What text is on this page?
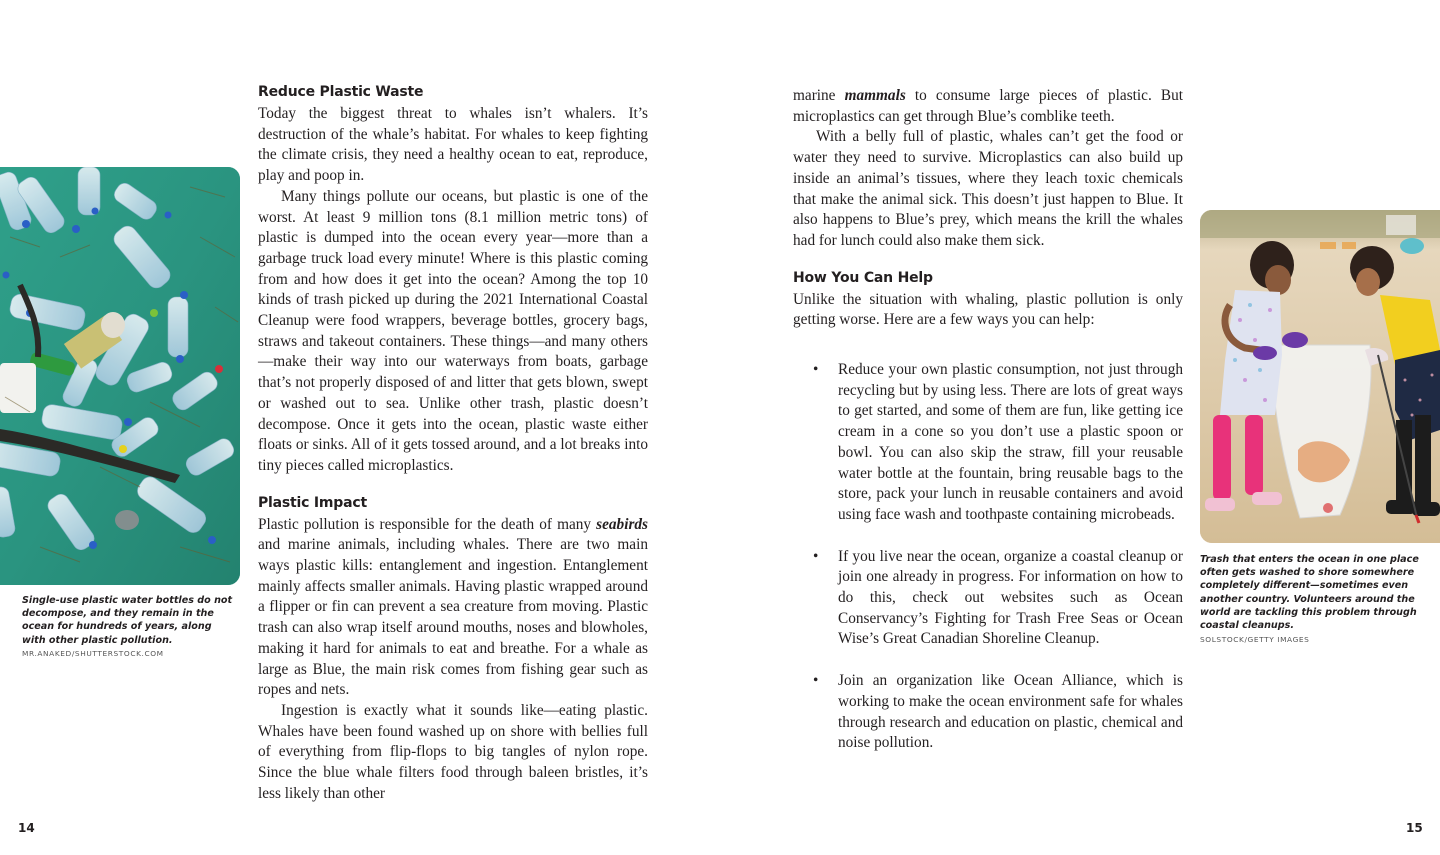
Single-use plastic water bottles do not decompose, and they remain in the ocean for hundreds of years, along with other plastic pollution. MR.ANAKED/SHUTTERSTOCK.COM
Reduce Plastic Waste

Today the biggest threat to whales isn’t whalers. It’s destruction of the whale’s habitat. For whales to keep fighting the climate crisis, they need a healthy ocean to eat, reproduce, play and poop in.

Many things pollute our oceans, but plastic is one of the worst. At least 9 million tons (8.1 million metric tons) of plastic is dumped into the ocean every year—more than a garbage truck load every minute! Where is this plastic coming from and how does it get into the ocean? Among the top 10 kinds of trash picked up during the 2021 International Coastal Cleanup were food wrappers, beverage bottles, grocery bags, straws and takeout containers. These things—and many others—make their way into our waterways from boats, garbage that’s not properly disposed of and litter that gets blown, swept or washed out to sea. Unlike other trash, plastic doesn’t decompose. Once it gets into the ocean, plastic waste either floats or sinks. All of it gets tossed around, and a lot breaks into tiny pieces called microplastics.

Plastic Impact

Plastic pollution is responsible for the death of many seabirds and marine animals, including whales. There are two main ways plastic kills: entanglement and ingestion. Entanglement mainly affects smaller animals. Having plastic wrapped around a flipper or fin can prevent a sea creature from moving. Plastic trash can also wrap itself around mouths, noses and blowholes, making it hard for animals to eat and breathe. For a whale as large as Blue, the main risk comes from fishing gear such as ropes and nets.

Ingestion is exactly what it sounds like—eating plastic. Whales have been found washed up on shore with bellies full of everything from flip-flops to big tangles of nylon rope. Since the blue whale filters food through baleen bristles, it’s less likely than other

marine mammals to consume large pieces of plastic. But microplastics can get through Blue’s comblike teeth.

With a belly full of plastic, whales can’t get the food or water they need to survive. Microplastics can also build up inside an animal’s tissues, where they leach toxic chemicals that make the animal sick. This doesn’t just happen to Blue. It also happens to Blue’s prey, which means the krill the whales had for lunch could also make them sick.

How You Can Help

Unlike the situation with whaling, plastic pollution is only getting worse. Here are a few ways you can help:

• Reduce your own plastic consumption, not just through recycling but by using less. There are lots of great ways to get started, and some of them are fun, like getting ice cream in a cone so you don’t use a plastic spoon or bowl. You can also skip the straw, fill your reusable water bottle at the fountain, bring reusable bags to the store, pack your lunch in reusable containers and avoid using face wash and toothpaste containing microbeads.
• If you live near the ocean, organize a coastal cleanup or join one already in progress. For information on how to do this, check out websites such as Ocean Conservancy’s Fighting for Trash Free Seas or Ocean Wise’s Great Canadian Shoreline Cleanup.
• Join an organization like Ocean Alliance, which is working to make the ocean environment safe for whales through research and education on plastic, chemical and noise pollution.
Trash that enters the ocean in one place often gets washed to shore somewhere completely different—sometimes even another country. Volunteers around the world are tackling this problem through coastal cleanups.
SOLSTOCK/GETTY IMAGES
14	15
